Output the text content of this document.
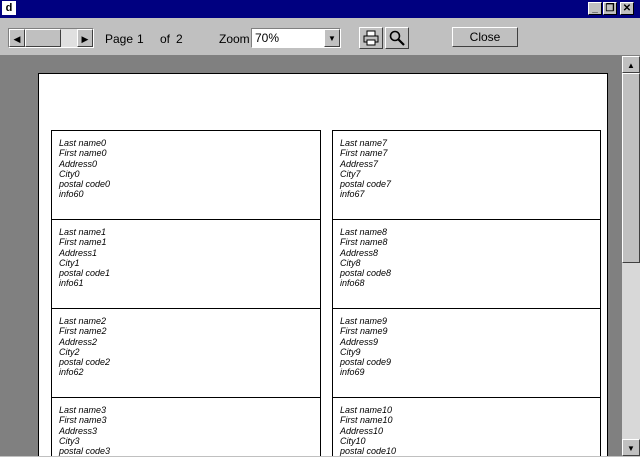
d	_ ❐ ✕
◀	▶	Page 1 of 2	Zoom 70%	▼	Close
Last name0
First name0
Address0
City0
postal code0
info60
Last name7
First name7
Address7
City7
postal code7
info67
Last name1
First name1
Address1
City1
postal code1
info61
Last name8
First name8
Address8
City8
postal code8
info68
Last name2
First name2
Address2
City2
postal code2
info62
Last name9
First name9
Address9
City9
postal code9
info69
Last name3
First name3
Address3
City3
postal code3
Last name10
First name10
Address10
City10
postal code10
▲
▼
